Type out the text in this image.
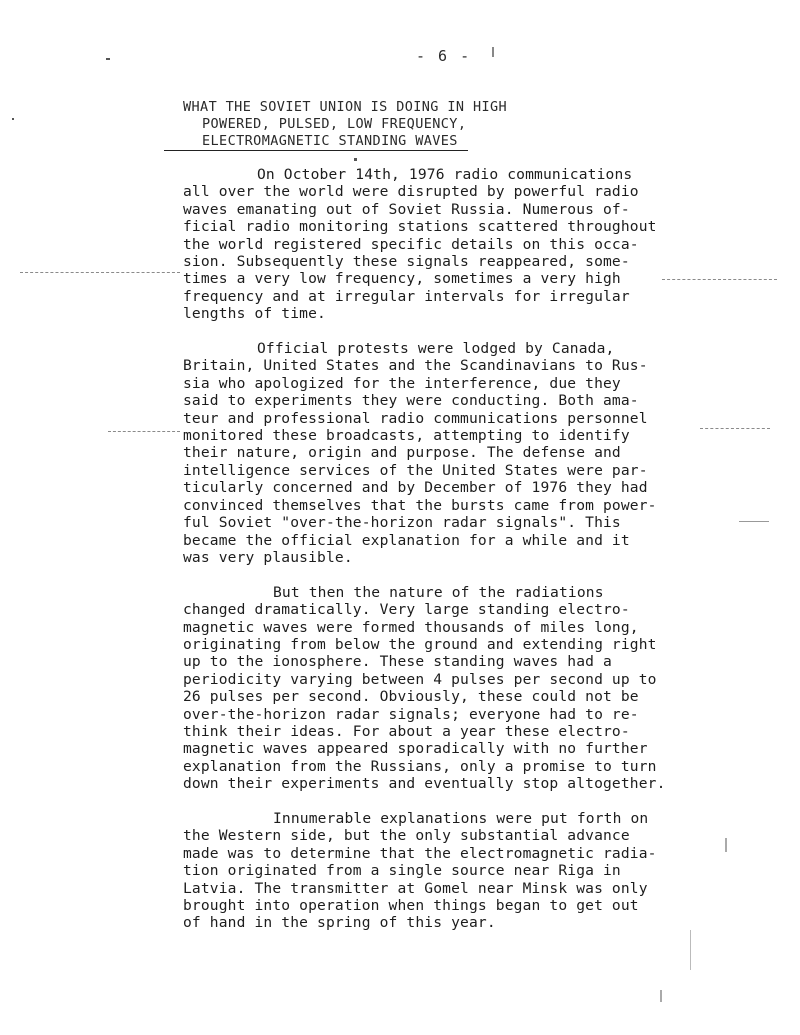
- 6 -
WHAT THE SOVIET UNION IS DOING IN HIGH
POWERED, PULSED, LOW FREQUENCY,
ELECTROMAGNETIC STANDING WAVES
On October 14th, 1976 radio communications
all over the world were disrupted by powerful radio
waves emanating out of Soviet Russia. Numerous of-
ficial radio monitoring stations scattered throughout
the world registered specific details on this occa-
sion. Subsequently these signals reappeared, some-
times a very low frequency, sometimes a very high
frequency and at irregular intervals for irregular
lengths of time.
Official protests were lodged by Canada,
Britain, United States and the Scandinavians to Rus-
sia who apologized for the interference, due they
said to experiments they were conducting. Both ama-
teur and professional radio communications personnel
monitored these broadcasts, attempting to identify
their nature, origin and purpose. The defense and
intelligence services of the United States were par-
ticularly concerned and by December of 1976 they had
convinced themselves that the bursts came from power-
ful Soviet "over-the-horizon radar signals". This
became the official explanation for a while and it
was very plausible.
But then the nature of the radiations
changed dramatically. Very large standing electro-
magnetic waves were formed thousands of miles long,
originating from below the ground and extending right
up to the ionosphere. These standing waves had a
periodicity varying between 4 pulses per second up to
26 pulses per second. Obviously, these could not be
over-the-horizon radar signals; everyone had to re-
think their ideas. For about a year these electro-
magnetic waves appeared sporadically with no further
explanation from the Russians, only a promise to turn
down their experiments and eventually stop altogether.
Innumerable explanations were put forth on
the Western side, but the only substantial advance
made was to determine that the electromagnetic radia-
tion originated from a single source near Riga in
Latvia. The transmitter at Gomel near Minsk was only
brought into operation when things began to get out
of hand in the spring of this year.
